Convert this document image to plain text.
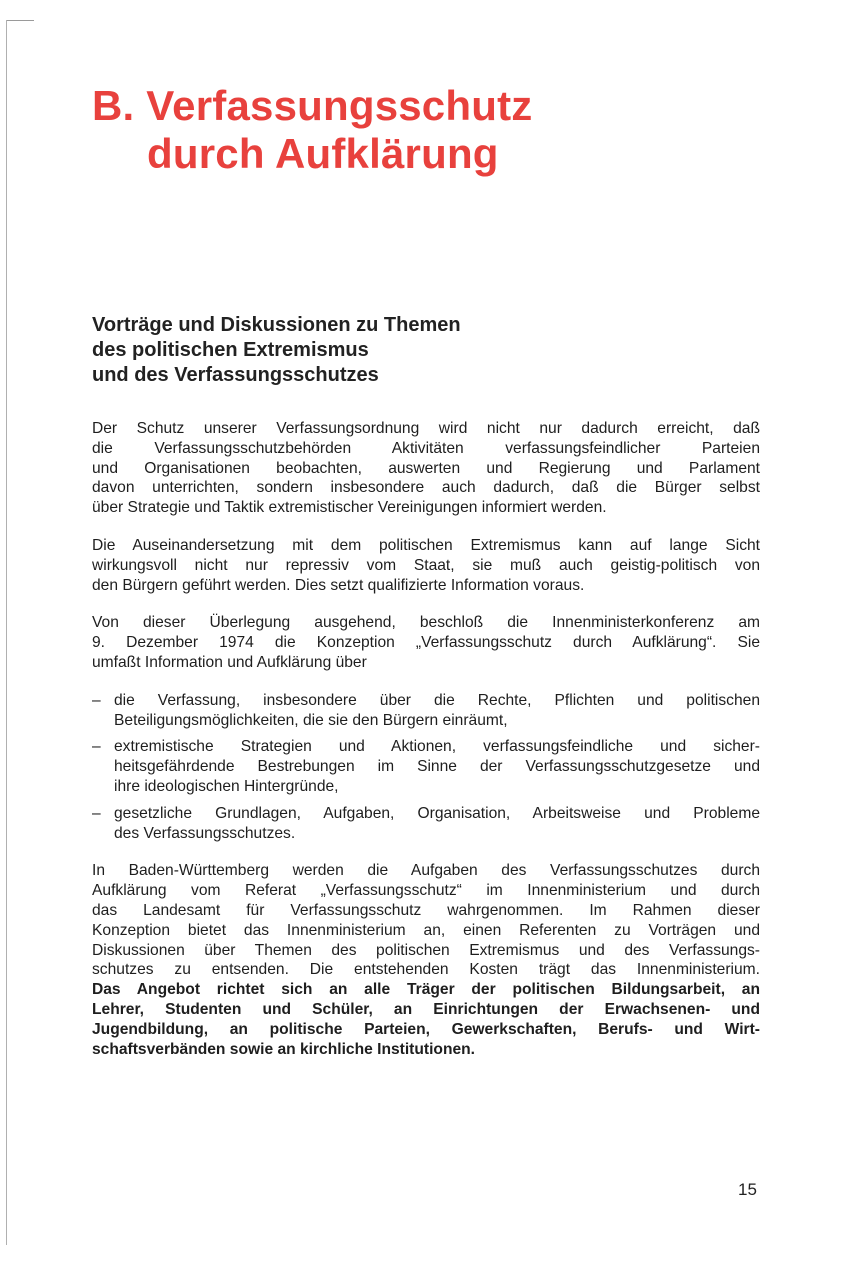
B. Verfassungsschutz
durch Aufklärung
Vorträge und Diskussionen zu Themen
des politischen Extremismus
und des Verfassungsschutzes

Der Schutz unserer Verfassungsordnung wird nicht nur dadurch erreicht, daß
die Verfassungsschutzbehörden Aktivitäten verfassungsfeindlicher Parteien
und Organisationen beobachten, auswerten und Regierung und Parlament
davon unterrichten, sondern insbesondere auch dadurch, daß die Bürger selbst
über Strategie und Taktik extremistischer Vereinigungen informiert werden.

Die Auseinandersetzung mit dem politischen Extremismus kann auf lange Sicht
wirkungsvoll nicht nur repressiv vom Staat, sie muß auch geistig-politisch von
den Bürgern geführt werden. Dies setzt qualifizierte Information voraus.

Von dieser Überlegung ausgehend, beschloß die Innenministerkonferenz am
9. Dezember 1974 die Konzeption „Verfassungsschutz durch Aufklärung“. Sie
umfaßt Information und Aufklärung über

– die Verfassung, insbesondere über die Rechte, Pflichten und politischen
Beteiligungsmöglichkeiten, die sie den Bürgern einräumt,
– extremistische Strategien und Aktionen, verfassungsfeindliche und sicher-
heitsgefährdende Bestrebungen im Sinne der Verfassungsschutzgesetze und
ihre ideologischen Hintergründe,
– gesetzliche Grundlagen, Aufgaben, Organisation, Arbeitsweise und Probleme
des Verfassungsschutzes.

In Baden-Württemberg werden die Aufgaben des Verfassungsschutzes durch
Aufklärung vom Referat „Verfassungsschutz“ im Innenministerium und durch
das Landesamt für Verfassungsschutz wahrgenommen. Im Rahmen dieser
Konzeption bietet das Innenministerium an, einen Referenten zu Vorträgen und
Diskussionen über Themen des politischen Extremismus und des Verfassungs-
schutzes zu entsenden. Die entstehenden Kosten trägt das Innenministerium.
Das Angebot richtet sich an alle Träger der politischen Bildungsarbeit, an
Lehrer, Studenten und Schüler, an Einrichtungen der Erwachsenen- und
Jugendbildung, an politische Parteien, Gewerkschaften, Berufs- und Wirt-
schaftsverbänden sowie an kirchliche Institutionen.

15
